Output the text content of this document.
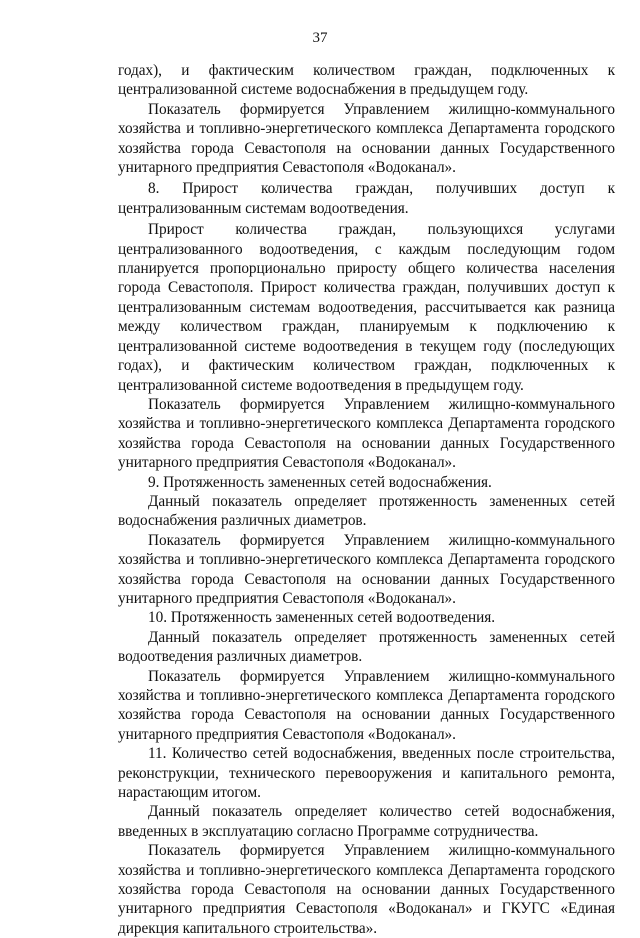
37

годах), и фактическим количеством граждан, подключенных к централизованной системе водоснабжения в предыдущем году.

Показатель формируется Управлением жилищно-коммунального хозяйства и топливно-энергетического комплекса Департамента городского хозяйства города Севастополя на основании данных Государственного унитарного предприятия Севастополя «Водоканал».

8. Прирост количества граждан, получивших доступ к централизованным системам водоотведения.

Прирост количества граждан, пользующихся услугами централизованного водоотведения, с каждым последующим годом планируется пропорционально приросту общего количества населения города Севастополя. Прирост количества граждан, получивших доступ к централизованным системам водоотведения, рассчитывается как разница между количеством граждан, планируемым к подключению к централизованной системе водоотведения в текущем году (последующих годах), и фактическим количеством граждан, подключенных к централизованной системе водоотведения в предыдущем году.

Показатель формируется Управлением жилищно-коммунального хозяйства и топливно-энергетического комплекса Департамента городского хозяйства города Севастополя на основании данных Государственного унитарного предприятия Севастополя «Водоканал».

9. Протяженность замененных сетей водоснабжения.

Данный показатель определяет протяженность замененных сетей водоснабжения различных диаметров.

Показатель формируется Управлением жилищно-коммунального хозяйства и топливно-энергетического комплекса Департамента городского хозяйства города Севастополя на основании данных Государственного унитарного предприятия Севастополя «Водоканал».

10. Протяженность замененных сетей водоотведения.

Данный показатель определяет протяженность замененных сетей водоотведения различных диаметров.

Показатель формируется Управлением жилищно-коммунального хозяйства и топливно-энергетического комплекса Департамента городского хозяйства города Севастополя на основании данных Государственного унитарного предприятия Севастополя «Водоканал».

11. Количество сетей водоснабжения, введенных после строительства, реконструкции, технического перевооружения и капитального ремонта, нарастающим итогом.

Данный показатель определяет количество сетей водоснабжения, введенных в эксплуатацию согласно Программе сотрудничества.

Показатель формируется Управлением жилищно-коммунального хозяйства и топливно-энергетического комплекса Департамента городского хозяйства города Севастополя на основании данных Государственного унитарного предприятия Севастополя «Водоканал» и ГКУГС «Единая дирекция капитального строительства».
